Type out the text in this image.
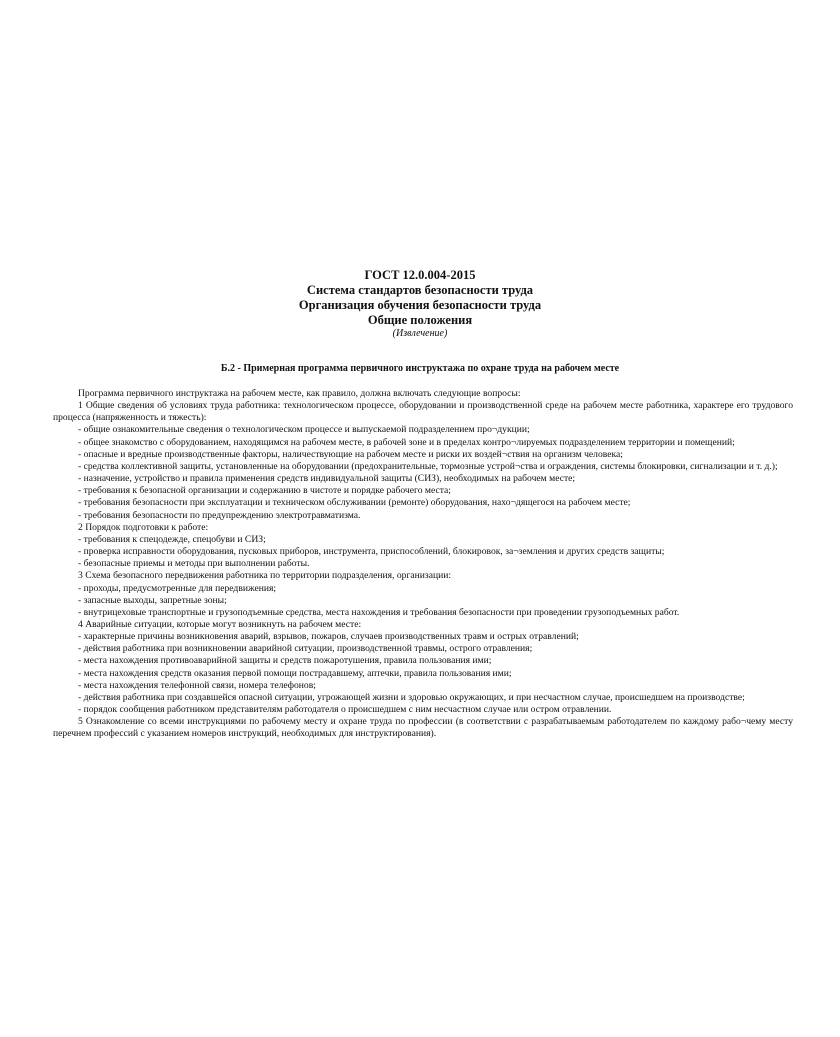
ГОСТ 12.0.004-2015
Система стандартов безопасности труда
Организация обучения безопасности труда
Общие положения
(Извлечение)
Б.2 - Примерная программа первичного инструктажа по охране труда на рабочем месте
Программа первичного инструктажа на рабочем месте, как правило, должна включать следующие вопросы:
1 Общие сведения об условиях труда работника: технологическом процессе, оборудовании и производственной среде на рабочем месте работника, характере его трудового процесса (напряженность и тяжесть):
- общие ознакомительные сведения о технологическом процессе и выпускаемой подразделением про¬дукции;
- общее знакомство с оборудованием, находящимся на рабочем месте, в рабочей зоне и в пределах контро¬лируемых подразделением территории и помещений;
- опасные и вредные производственные факторы, наличествующие на рабочем месте и риски их воздей¬ствия на организм человека;
- средства коллективной защиты, установленные на оборудовании (предохранительные, тормозные устрой¬ства и ограждения, системы блокировки, сигнализации и т. д.);
- назначение, устройство и правила применения средств индивидуальной защиты (СИЗ), необходимых на рабочем месте;
- требования к безопасной организации и содержанию в чистоте и порядке рабочего места;
- требования безопасности при эксплуатации и техническом обслуживании (ремонте) оборудования, нахо¬дящегося на рабочем месте;
- требования безопасности по предупреждению электротравматизма.
2 Порядок подготовки к работе:
- требования к спецодежде, спецобуви и СИЗ;
- проверка исправности оборудования, пусковых приборов, инструмента, приспособлений, блокировок, за¬земления и других средств защиты;
- безопасные приемы и методы при выполнении работы.
3 Схема безопасного передвижения работника по территории подразделения, организации:
- проходы, предусмотренные для передвижения;
- запасные выходы, запретные зоны;
- внутрицеховые транспортные и грузоподъемные средства, места нахождения и требования безопасности при проведении грузоподъемных работ.
4 Аварийные ситуации, которые могут возникнуть на рабочем месте:
- характерные причины возникновения аварий, взрывов, пожаров, случаев производственных травм и острых отравлений;
- действия работника при возникновении аварийной ситуации, производственной травмы, острого отравления;
- места нахождения противоаварийной защиты и средств пожаротушения, правила пользования ими;
- места нахождения средств оказания первой помощи пострадавшему, аптечки, правила пользования ими;
- места нахождения телефонной связи, номера телефонов;
- действия работника при создавшейся опасной ситуации, угрожающей жизни и здоровью окружающих, и при несчастном случае, происшедшем на производстве;
- порядок сообщения работником представителям работодателя о происшедшем с ним несчастном случае или остром отравлении.
5 Ознакомление со всеми инструкциями по рабочему месту и охране труда по профессии (в соответствии с разрабатываемым работодателем по каждому рабо¬чему месту перечнем профессий с указанием номеров инструкций, необходимых для инструктирования).
